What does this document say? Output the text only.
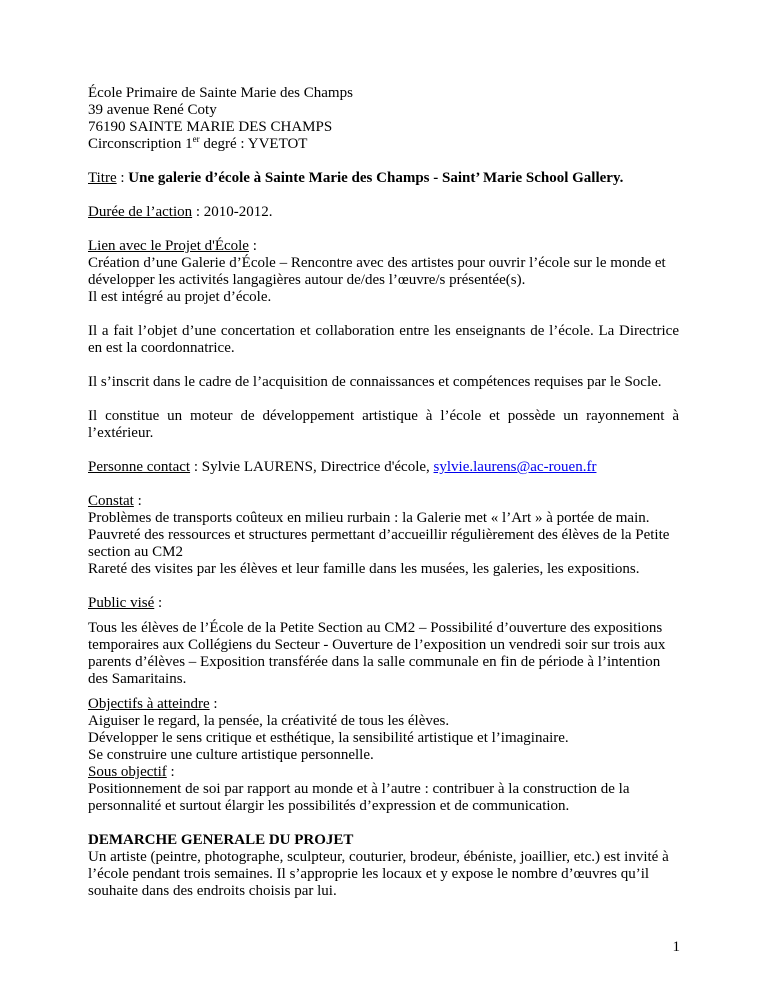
École Primaire de Sainte Marie des Champs

39 avenue René Coty

76190 SAINTE MARIE DES CHAMPS

Circonscription 1er degré : YVETOT

Titre : Une galerie d’école à Sainte Marie des Champs - Saint’ Marie School Gallery.

Durée de l’action : 2010-2012.

Lien avec le Projet d'École :

Création d’une Galerie d’École – Rencontre avec des artistes pour ouvrir l’école sur le monde et développer les activités langagières autour de/des l’œuvre/s présentée(s).

Il est intégré au projet d’école.

Il a fait l’objet d’une concertation et collaboration entre les enseignants de l’école. La Directrice en est la coordonnatrice.

Il s’inscrit dans le cadre de l’acquisition de connaissances et compétences requises par le Socle.

Il constitue un moteur de développement artistique à l’école et possède un rayonnement à l’extérieur.

Personne contact : Sylvie LAURENS, Directrice d'école, sylvie.laurens@ac-rouen.fr

Constat :

Problèmes de transports coûteux en milieu rurbain : la Galerie met « l’Art » à portée de main.

Pauvreté des ressources et structures permettant d’accueillir régulièrement des élèves de la Petite section au CM2

Rareté des visites par les élèves et leur famille dans les musées, les galeries, les expositions.

Public visé :

Tous les élèves de l’École de la Petite Section au CM2 – Possibilité d’ouverture des expositions temporaires aux Collégiens du Secteur - Ouverture de l’exposition un vendredi soir sur trois aux parents d’élèves – Exposition transférée dans la salle communale en fin de période à l’intention des Samaritains.

Objectifs à atteindre :

Aiguiser le regard, la pensée, la créativité de tous les élèves.

Développer le sens critique et esthétique, la sensibilité artistique et l’imaginaire.

Se construire une culture artistique personnelle.

Sous objectif :

Positionnement de soi par rapport au monde et à l’autre : contribuer à la construction de la personnalité et surtout élargir les possibilités d’expression et de communication.

DEMARCHE GENERALE DU PROJET

Un artiste (peintre, photographe, sculpteur, couturier, brodeur, ébéniste, joaillier, etc.) est invité à l’école pendant trois semaines. Il s’approprie les locaux et y expose le nombre d’œuvres qu’il souhaite dans des endroits choisis par lui.

1
